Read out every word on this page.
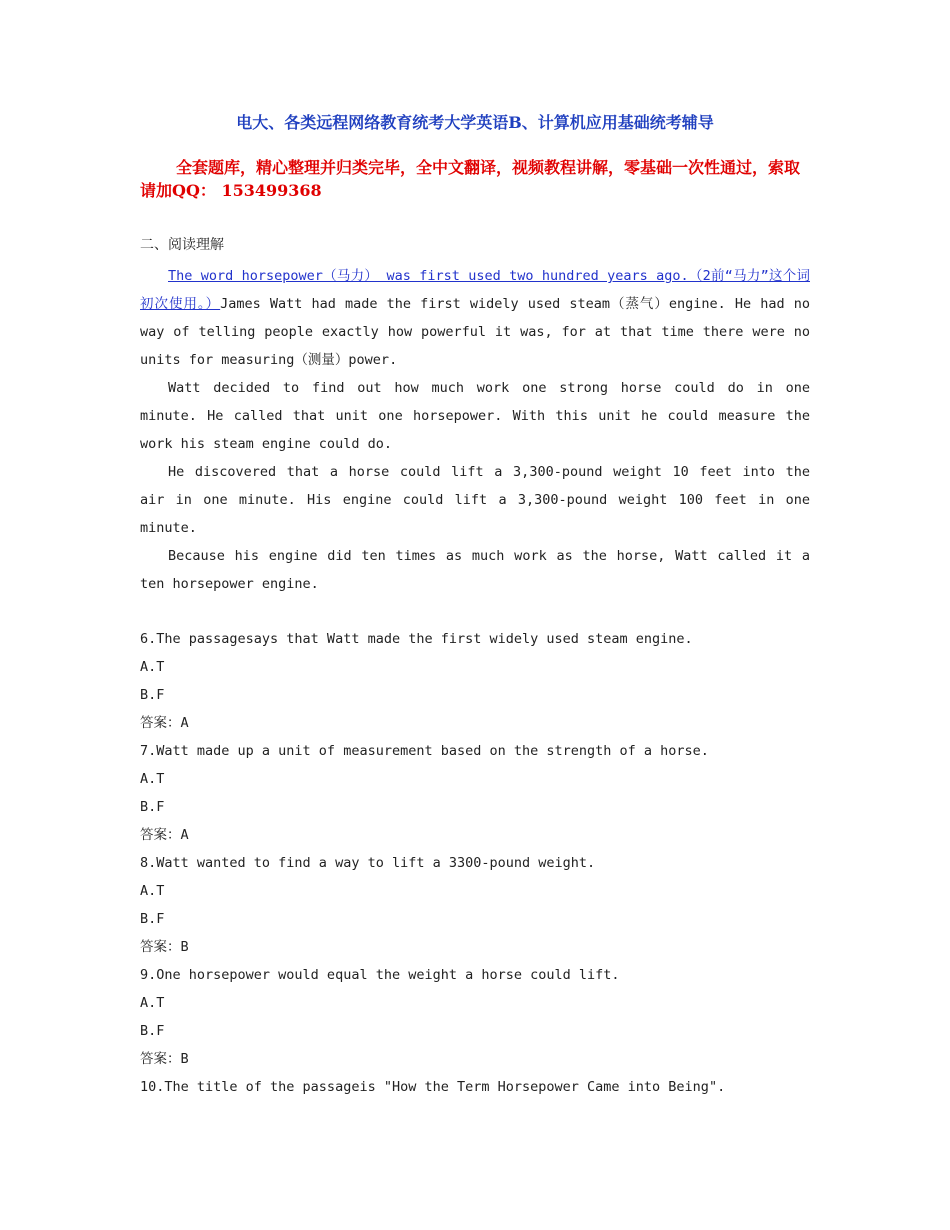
电大、各类远程网络教育统考大学英语B、计算机应用基础统考辅导
全套题库，精心整理并归类完毕，全中文翻译，视频教程讲解，零基础一次性通过，索取请加QQ： 153499368
二、阅读理解

The word horsepower（马力） was first used two hundred years ago.（2前“马力”这个词初次使用。）James Watt had made the first widely used steam（蒸气）engine. He had no way of telling people exactly how powerful it was, for at that time there were no units for measuring（测量）power.

Watt decided to find out how much work one strong horse could do in one minute. He called that unit one horsepower. With this unit he could measure the work his steam engine could do.

He discovered that a horse could lift a 3,300-pound weight 10 feet into the air in one minute. His engine could lift a 3,300-pound weight 100 feet in one minute.

Because his engine did ten times as much work as the horse, Watt called it a ten horsepower engine.

6.The passagesays that Watt made the first widely used steam engine.
A.T
B.F
答案：A
7.Watt made up a unit of measurement based on the strength of a horse.
A.T
B.F
答案：A
8.Watt wanted to find a way to lift a 3300-pound weight.
A.T
B.F
答案：B
9.One horsepower would equal the weight a horse could lift.
A.T
B.F
答案：B
10.The title of the passageis "How the Term Horsepower Came into Being".
